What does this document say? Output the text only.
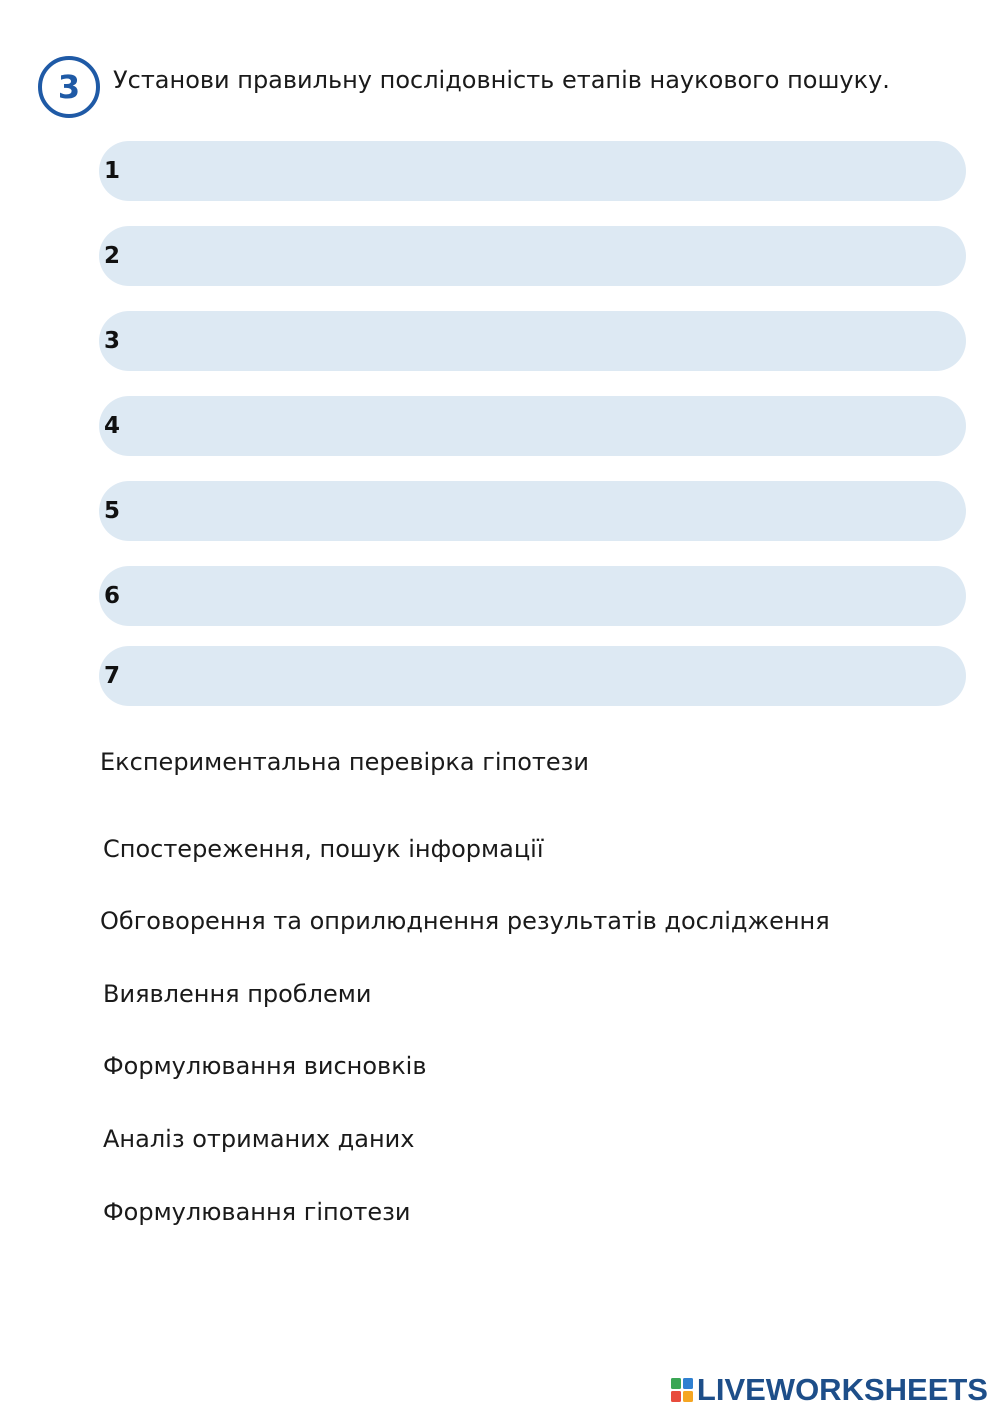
3 Установи правильну послідовність етапів наукового пошуку.
1
2
3
4
5
6
7
Експериментальна перевірка гіпотези
Спостереження, пошук інформації
Обговорення та оприлюднення результатів дослідження
Виявлення проблеми
Формулювання висновків
Аналіз отриманих даних
Формулювання гіпотези
LIVEWORKSHEETS
